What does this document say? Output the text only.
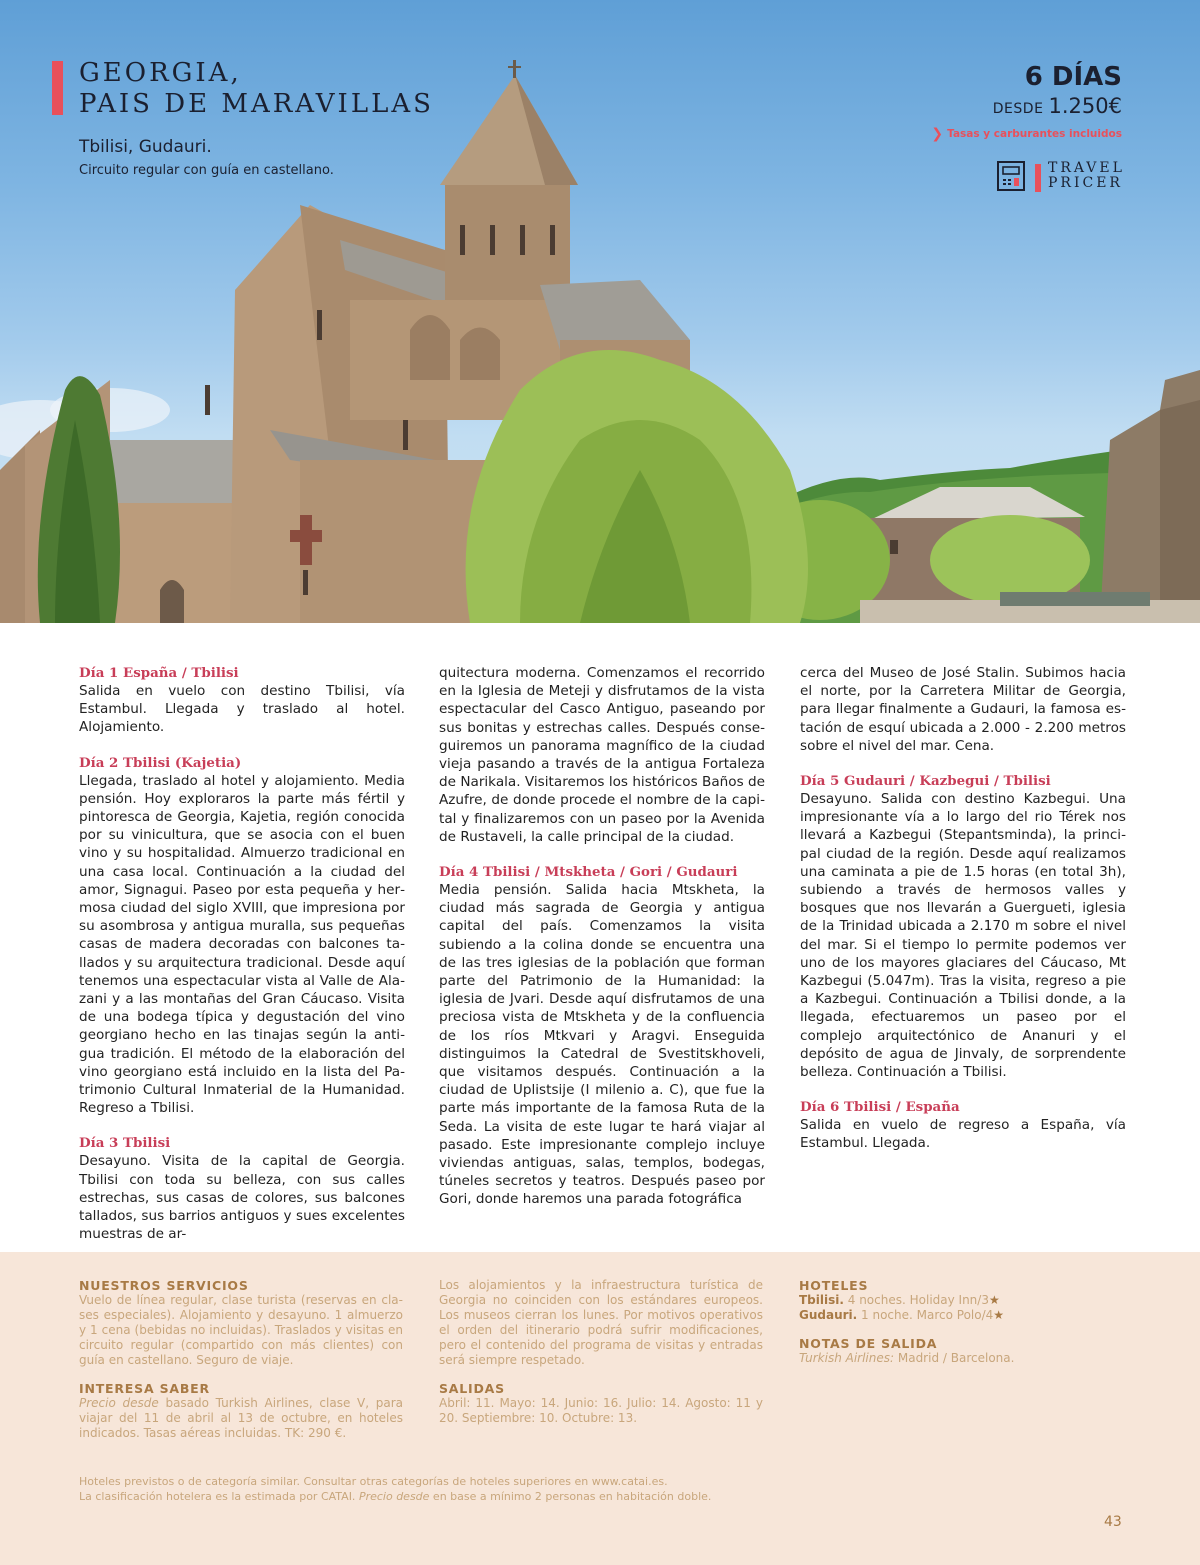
GEORGIA,
PAIS DE MARAVILLAS
Tbilisi, Gudauri.
Circuito regular con guía en castellano.
6 DÍAS
DESDE 1.250€
❯ Tasas y carburantes incluidos
TRAVEL
PRICER
Día 1 España / Tbilisi

Salida en vuelo con destino Tbilisi, vía Estambul. Llegada y traslado al hotel. Alojamiento.

Día 2 Tbilisi (Kajetia)

Llegada, traslado al hotel y alojamiento. Media pensión. Hoy exploraros la parte más fértil y pintoresca de Georgia, Kajetia, región conocida por su vinicultura, que se asocia con el buen vino y su hospitalidad. Almuerzo tradicional en una casa local. Continuación a la ciudad del amor, Signagui. Paseo por esta pequeña y hermosa ciudad del siglo XVIII, que impresiona por su asombrosa y antigua muralla, sus pequeñas casas de madera decoradas con balcones tallados y su arquitectura tradicional. Desde aquí tenemos una espectacular vista al Valle de Alazani y a las montañas del Gran Cáucaso. Visita de una bodega típica y degustación del vino georgiano hecho en las tinajas según la antigua tradición. El método de la elaboración del vino georgiano está incluido en la lista del Patrimonio Cultural Inmaterial de la Humanidad. Regreso a Tbilisi.

Día 3 Tbilisi

Desayuno. Visita de la capital de Georgia. Tbilisi con toda su belleza, con sus calles estrechas, sus casas de colores, sus balcones tallados, sus barrios antiguos y sues excelentes muestras de ar-

quitectura moderna. Comenzamos el recorrido en la Iglesia de Meteji y disfrutamos de la vista espectacular del Casco Antiguo, paseando por sus bonitas y estrechas calles. Después conseguiremos un panorama magnífico de la ciudad vieja pasando a través de la antigua Fortaleza de Narikala. Visitaremos los históricos Baños de Azufre, de donde procede el nombre de la capital y finalizaremos con un paseo por la Avenida de Rustaveli, la calle principal de la ciudad.

Día 4 Tbilisi / Mtskheta / Gori / Gudauri

Media pensión. Salida hacia Mtskheta, la ciudad más sagrada de Georgia y antigua capital del país. Comenzamos la visita subiendo a la colina donde se encuentra una de las tres iglesias de la población que forman parte del Patrimonio de la Humanidad: la iglesia de Jvari. Desde aquí disfrutamos de una preciosa vista de Mtskheta y de la confluencia de los ríos Mtkvari y Aragvi. Enseguida distinguimos la Catedral de Svestitskhoveli, que visitamos después. Continuación a la ciudad de Uplistsije (I milenio a. C), que fue la parte más importante de la famosa Ruta de la Seda. La visita de este lugar te hará viajar al pasado. Este impresionante complejo incluye viviendas antiguas, salas, templos, bodegas, túneles secretos y teatros. Después paseo por Gori, donde haremos una parada fotográfica

cerca del Museo de José Stalin. Subimos hacia el norte, por la Carretera Militar de Georgia, para llegar finalmente a Gudauri, la famosa estación de esquí ubicada a 2.000 - 2.200 metros sobre el nivel del mar. Cena.

Día 5 Gudauri / Kazbegui / Tbilisi

Desayuno. Salida con destino Kazbegui. Una impresionante vía a lo largo del rio Térek nos llevará a Kazbegui (Stepantsminda), la principal ciudad de la región. Desde aquí realizamos una caminata a pie de 1.5 horas (en total 3h), subiendo a través de hermosos valles y bosques que nos llevarán a Guergueti, iglesia de la Trinidad ubicada a 2.170 m sobre el nivel del mar. Si el tiempo lo permite podemos ver uno de los mayores glaciares del Cáucaso, Mt Kazbegui (5.047m). Tras la visita, regreso a pie a Kazbegui. Continuación a Tbilisi donde, a la llegada, efectuaremos un paseo por el complejo arquitectónico de Ananuri y el depósito de agua de Jinvaly, de sorprendente belleza. Continuación a Tbilisi.

Día 6 Tbilisi / España

Salida en vuelo de regreso a España, vía Estambul. Llegada.

NUESTROS SERVICIOS

Vuelo de línea regular, clase turista (reservas en clases especiales). Alojamiento y desayuno. 1 almuerzo y 1 cena (bebidas no incluidas). Traslados y visitas en circuito regular (compartido con más clientes) con guía en castellano. Seguro de viaje.

INTERESA SABER

Precio desde basado Turkish Airlines, clase V, para viajar del 11 de abril al 13 de octubre, en hoteles indicados. Tasas aéreas incluidas. TK: 290 €.

Los alojamientos y la infraestructura turística de Georgia no coinciden con los estándares europeos. Los museos cierran los lunes. Por motivos operativos el orden del itinerario podrá sufrir modificaciones, pero el contenido del programa de visitas y entradas será siempre respetado.

SALIDAS

Abril: 11. Mayo: 14. Junio: 16. Julio: 14. Agosto: 11 y 20. Septiembre: 10. Octubre: 13.

HOTELES

Tbilisi. 4 noches. Holiday Inn/3★

Gudauri. 1 noche. Marco Polo/4★

NOTAS DE SALIDA

Turkish Airlines: Madrid / Barcelona.

Hoteles previstos o de categoría similar. Consultar otras categorías de hoteles superiores en www.catai.es.
La clasificación hotelera es la estimada por CATAI. Precio desde en base a mínimo 2 personas en habitación doble.
43
